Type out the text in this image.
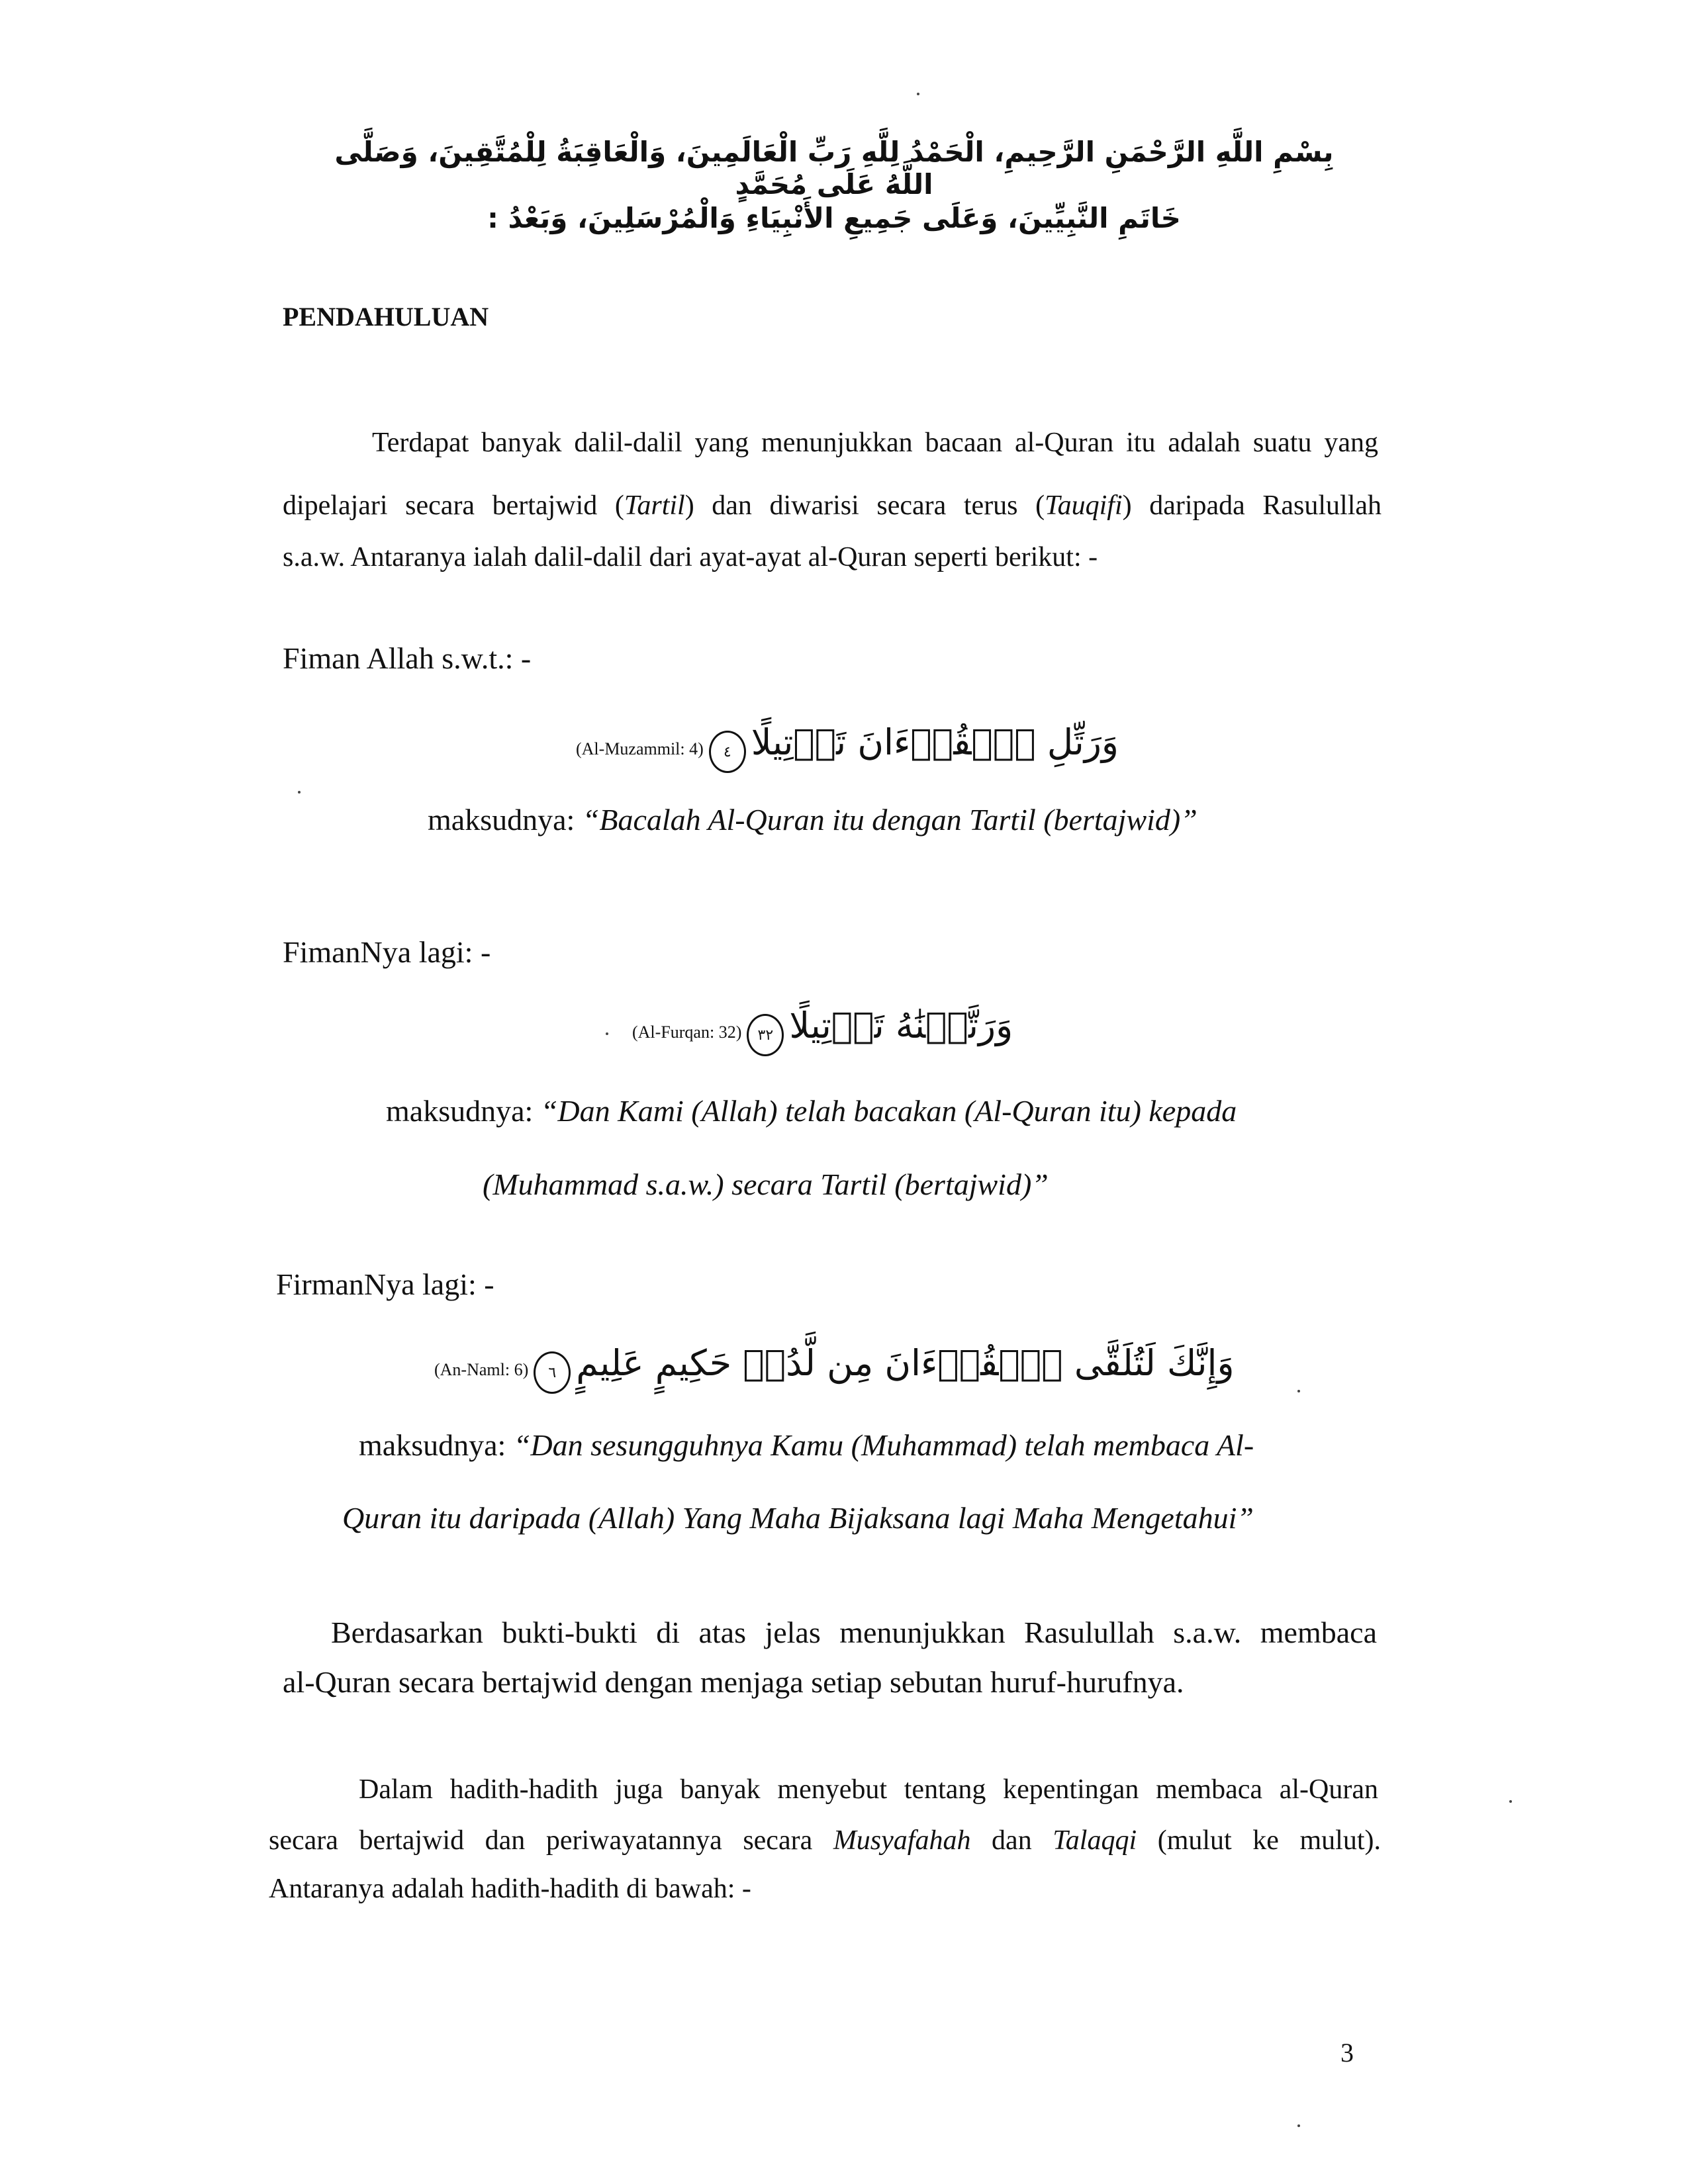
بِسْمِ اللَّهِ الرَّحْمَنِ الرَّحِيمِ، الْحَمْدُ لِلَّهِ رَبِّ الْعَالَمِينَ، وَالْعَاقِبَةُ لِلْمُتَّقِينَ، وَصَلَّى اللَّهُ عَلَى مُحَمَّدٍ
خَاتَمِ النَّبِيِّينَ، وَعَلَى جَمِيعِ الأَنْبِيَاءِ وَالْمُرْسَلِينَ، وَبَعْدُ :
PENDAHULUAN
Terdapat banyak dalil-dalil yang menunjukkan bacaan al-Quran itu adalah suatu yang
dipelajari secara bertajwid (Tartil) dan diwarisi secara terus (Tauqifi) daripada Rasulullah
s.a.w. Antaranya ialah dalil-dalil dari ayat-ayat al-Quran seperti berikut: -
Fiman Allah s.w.t.: -
(Al-Muzammil: 4) ٤ وَرَتِّلِ ٱلۡقُرۡءَانَ تَرۡتِيلًا
maksudnya: “Bacalah Al-Quran itu dengan Tartil (bertajwid)”
FimanNya lagi: -
(Al-Furqan: 32) ٣٢ وَرَتَّلۡنَٰهُ تَرۡتِيلًا
maksudnya: “Dan Kami (Allah) telah bacakan (Al-Quran itu) kepada
(Muhammad s.a.w.) secara Tartil (bertajwid)”
FirmanNya lagi: -
(An-Naml: 6) ٦ وَإِنَّكَ لَتُلَقَّى ٱلۡقُرۡءَانَ مِن لَّدُنۡ حَكِيمٍ عَلِيمٍ
maksudnya: “Dan sesungguhnya Kamu (Muhammad) telah membaca Al-
Quran itu daripada (Allah) Yang Maha Bijaksana lagi Maha Mengetahui”
Berdasarkan bukti-bukti di atas jelas menunjukkan Rasulullah s.a.w. membaca
al-Quran secara bertajwid dengan menjaga setiap sebutan huruf-hurufnya.
Dalam hadith-hadith juga banyak menyebut tentang kepentingan membaca al-Quran
secara bertajwid dan periwayatannya secara Musyafahah dan Talaqqi (mulut ke mulut).
Antaranya adalah hadith-hadith di bawah: -
3
